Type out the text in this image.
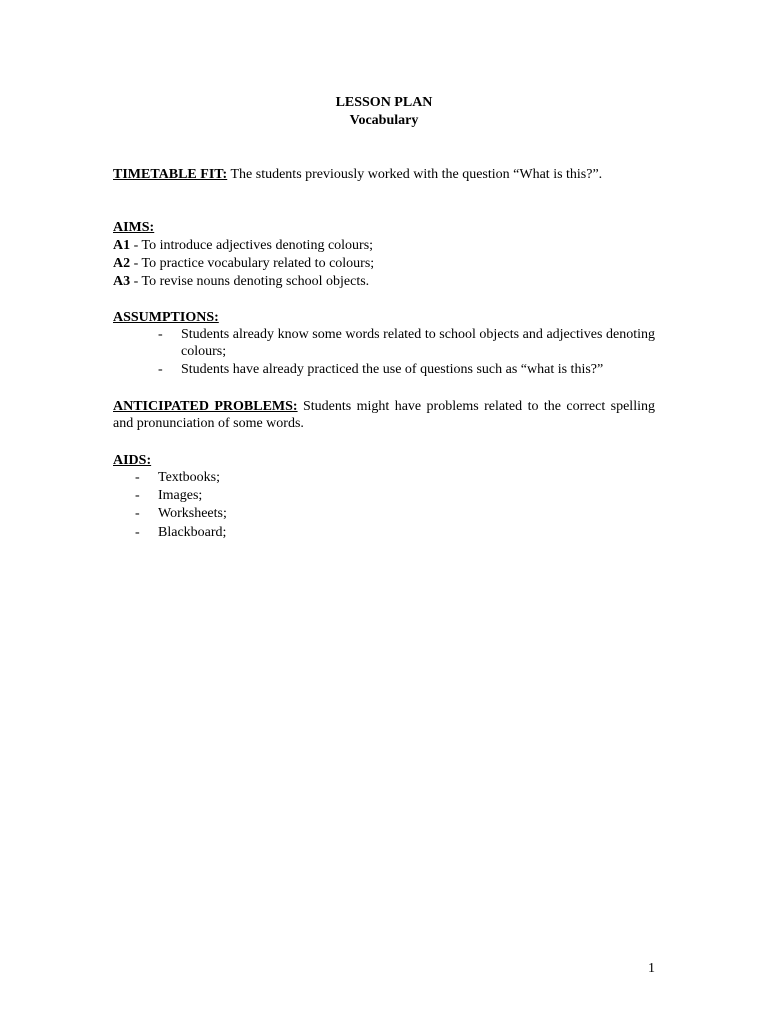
LESSON PLAN
Vocabulary
TIMETABLE FIT: The students previously worked with the question “What is this?”.
AIMS:
A1 - To introduce adjectives denoting colours;
A2 - To practice vocabulary related to colours;
A3 - To revise nouns denoting school objects.
ASSUMPTIONS:
- Students already know some words related to school objects and adjectives denoting colours;
- Students have already practiced the use of questions such as “what is this?”
ANTICIPATED PROBLEMS: Students might have problems related to the correct spelling and pronunciation of some words.
AIDS:
- Textbooks;
- Images;
- Worksheets;
- Blackboard;
1
